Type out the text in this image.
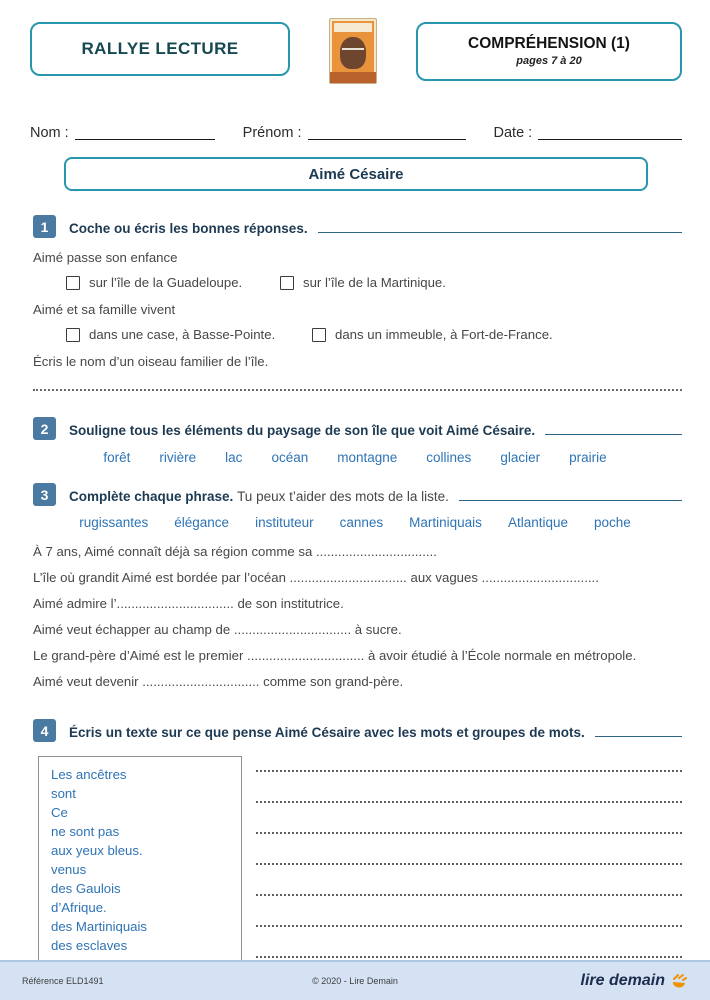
RALLYE LECTURE	COMPRÉHENSION (1)
pages 7 à 20
Nom :	Prénom :	Date :
Aimé Césaire
1	Coche ou écris les bonnes réponses.

Aimé passe son enfance

sur l’île de la Guadeloupe.	sur l’île de la Martinique.

Aimé et sa famille vivent

dans une case, à Basse-Pointe.	dans un immeuble, à Fort-de-France.

Écris le nom d’un oiseau familier de l’île.

2	Souligne tous les éléments du paysage de son île que voit Aimé Césaire.
forêt rivière lac océan montagne collines glacier prairie
3	Complète chaque phrase. Tu peux t’aider des mots de la liste.
rugissantes élégance instituteur cannes Martiniquais Atlantique poche

À 7 ans, Aimé connaît déjà sa région comme sa .................................

L’île où grandit Aimé est bordée par l’océan ................................ aux vagues ................................

Aimé admire l’................................ de son institutrice.

Aimé veut échapper au champ de ................................ à sucre.

Le grand-père d’Aimé est le premier ................................ à avoir étudié à l’École normale en métropole.

Aimé veut devenir ................................ comme son grand-père.

4	Écris un texte sur ce que pense Aimé Césaire avec les mots et groupes de mots.
Les ancêtres
sont
Ce
ne sont pas
aux yeux bleus.
venus
des Gaulois
d’Afrique.
des Martiniquais
des esclaves
Référence ELD1491	© 2020 - Lire Demain	lire demain
